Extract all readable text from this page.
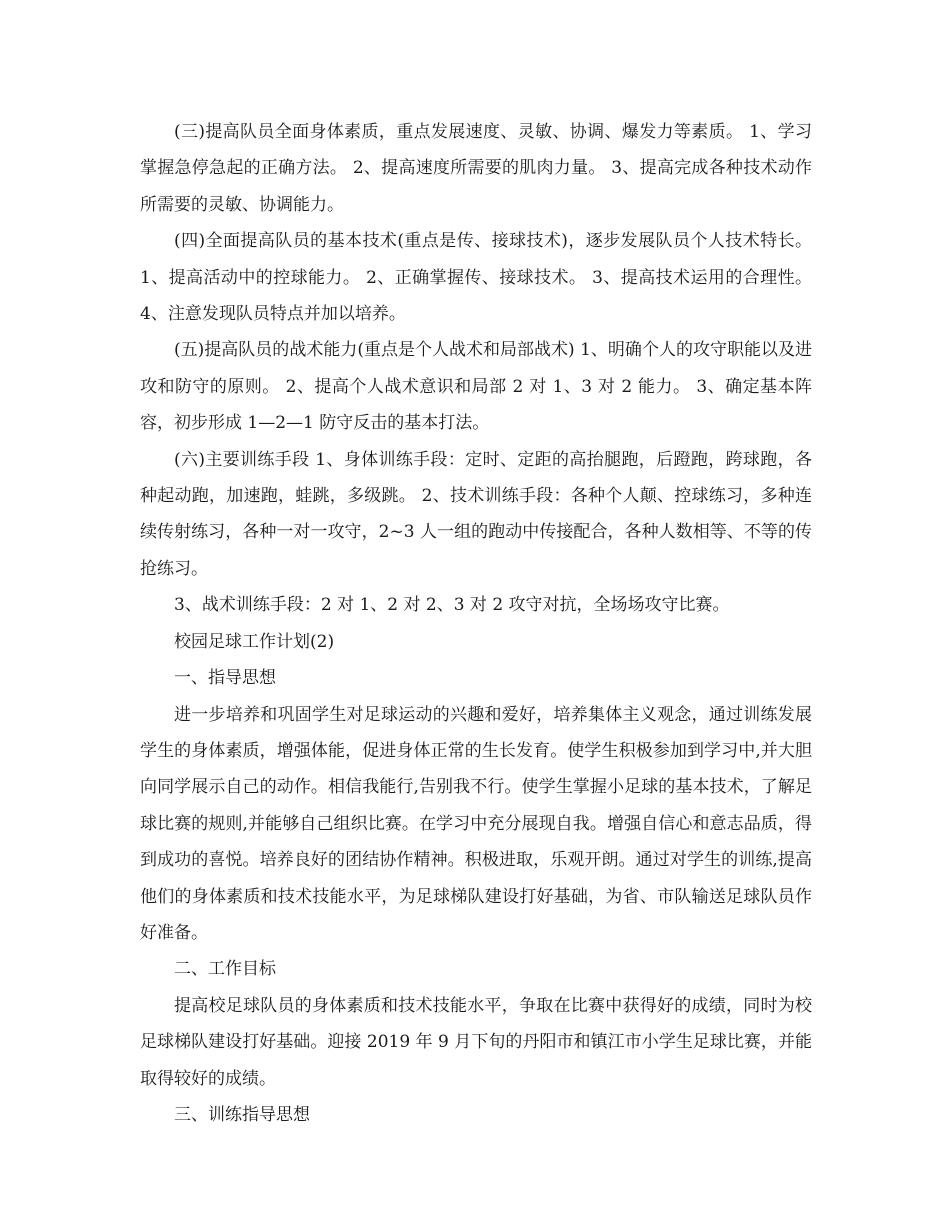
(三)提高队员全面身体素质，重点发展速度、灵敏、协调、爆发力等素质。 1、学习掌握急停急起的正确方法。 2、提高速度所需要的肌肉力量。 3、提高完成各种技术动作所需要的灵敏、协调能力。

(四)全面提高队员的基本技术(重点是传、接球技术)，逐步发展队员个人技术特长。 1、提高活动中的控球能力。 2、正确掌握传、接球技术。 3、提高技术运用的合理性。 4、注意发现队员特点并加以培养。

(五)提高队员的战术能力(重点是个人战术和局部战术) 1、明确个人的攻守职能以及进攻和防守的原则。 2、提高个人战术意识和局部 2 对 1、3 对 2 能力。 3、确定基本阵容，初步形成 1—2—1 防守反击的基本打法。

(六)主要训练手段 1、身体训练手段：定时、定距的高抬腿跑，后蹬跑，跨球跑，各种起动跑，加速跑，蛙跳，多级跳。 2、技术训练手段：各种个人颠、控球练习，多种连续传射练习，各种一对一攻守，2~3 人一组的跑动中传接配合，各种人数相等、不等的传抢练习。

3、战术训练手段：2 对 1、2 对 2、3 对 2 攻守对抗，全场场攻守比赛。

校园足球工作计划(2)

一、指导思想

进一步培养和巩固学生对足球运动的兴趣和爱好，培养集体主义观念，通过训练发展学生的身体素质，增强体能，促进身体正常的生长发育。使学生积极参加到学习中,并大胆向同学展示自己的动作。相信我能行,告别我不行。使学生掌握小足球的基本技术，了解足球比赛的规则,并能够自己组织比赛。在学习中充分展现自我。增强自信心和意志品质，得到成功的喜悦。培养良好的团结协作精神。积极进取，乐观开朗。通过对学生的训练,提高他们的身体素质和技术技能水平，为足球梯队建设打好基础，为省、市队输送足球队员作好准备。

二、工作目标

提高校足球队员的身体素质和技术技能水平，争取在比赛中获得好的成绩，同时为校足球梯队建设打好基础。迎接 2019 年 9 月下旬的丹阳市和镇江市小学生足球比赛，并能取得较好的成绩。

三、训练指导思想
